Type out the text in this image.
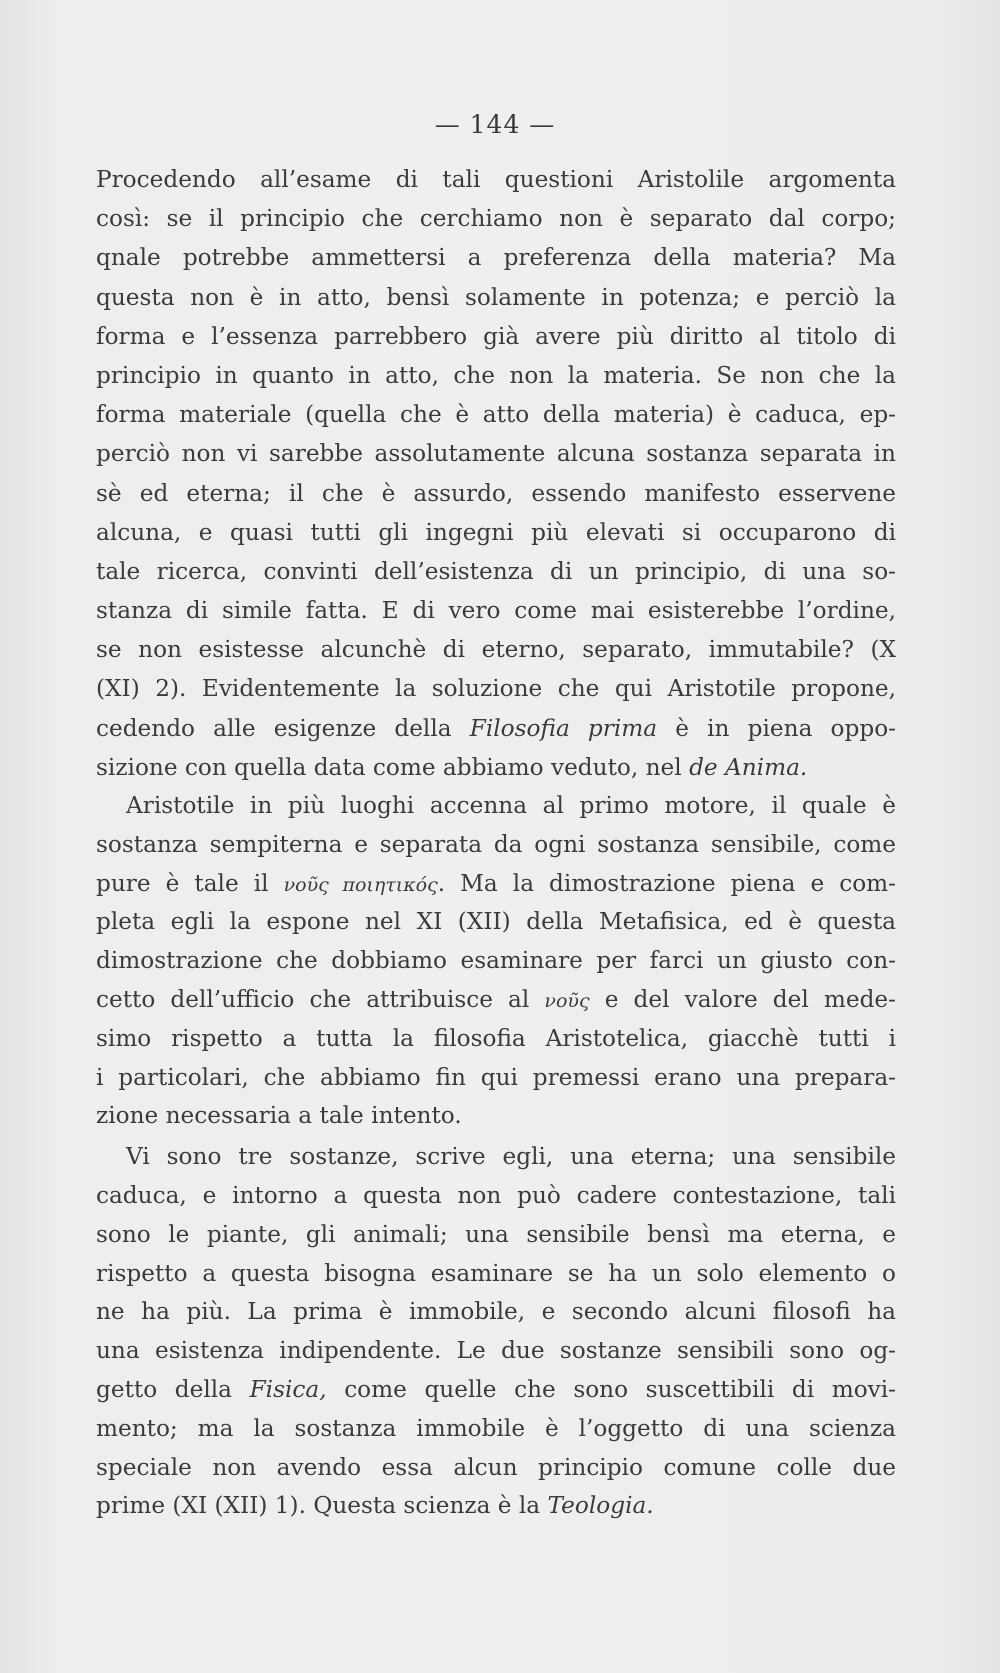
— 144 —
Procedendo all’esame di tali questioni Aristolile argomenta
così: se il principio che cerchiamo non è separato dal corpo;
qnale potrebbe ammettersi a preferenza della materia? Ma
questa non è in atto, bensì solamente in potenza; e perciò la
forma e l’essenza parrebbero già avere più diritto al titolo di
principio in quanto in atto, che non la materia. Se non che la
forma materiale (quella che è atto della materia) è caduca, ep-
perciò non vi sarebbe assolutamente alcuna sostanza separata in
sè ed eterna; il che è assurdo, essendo manifesto esservene
alcuna, e quasi tutti gli ingegni più elevati si occuparono di
tale ricerca, convinti dell’esistenza di un principio, di una so-
stanza di simile fatta. E di vero come mai esisterebbe l’ordine,
se non esistesse alcunchè di eterno, separato, immutabile? (X
(XI) 2). Evidentemente la soluzione che qui Aristotile propone,
cedendo alle esigenze della Filosofia prima è in piena oppo-
sizione con quella data come abbiamo veduto, nel de Anima.
Aristotile in più luoghi accenna al primo motore, il quale è
sostanza sempiterna e separata da ogni sostanza sensibile, come
pure è tale il νοῦς ποιητικός. Ma la dimostrazione piena e com-
pleta egli la espone nel XI (XII) della Metafisica, ed è questa
dimostrazione che dobbiamo esaminare per farci un giusto con-
cetto dell’ufficio che attribuisce al νοῦς e del valore del mede-
simo rispetto a tutta la filosofia Aristotelica, giacchè tutti i
i particolari, che abbiamo fin qui premessi erano una prepara-
zione necessaria a tale intento.
Vi sono tre sostanze, scrive egli, una eterna; una sensibile
caduca, e intorno a questa non può cadere contestazione, tali
sono le piante, gli animali; una sensibile bensì ma eterna, e
rispetto a questa bisogna esaminare se ha un solo elemento o
ne ha più. La prima è immobile, e secondo alcuni filosofi ha
una esistenza indipendente. Le due sostanze sensibili sono og-
getto della Fisica, come quelle che sono suscettibili di movi-
mento; ma la sostanza immobile è l’oggetto di una scienza
speciale non avendo essa alcun principio comune colle due
prime (XI (XII) 1). Questa scienza è la Teologia.
